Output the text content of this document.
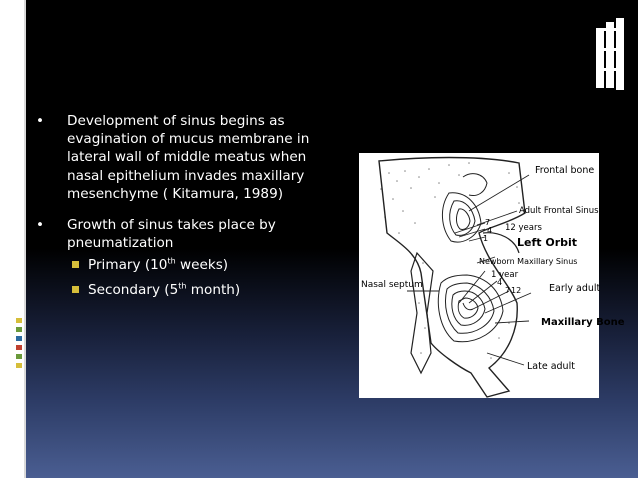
• Development of sinus begins as evagination of mucus membrane in lateral wall of middle meatus when nasal epithelium invades maxillary mesenchyme ( Kitamura, 1989)
• Growth of sinus takes place by pneumatization
Primary (10th weeks)
Secondary (5th month)
Frontal bone
Adult Frontal Sinus
12 years
Left Orbit
Newborn Maxillary Sinus
1 year
Nasal septum	Early adult
Maxillary Bone
Late adult
7
4
1
4
7 12
